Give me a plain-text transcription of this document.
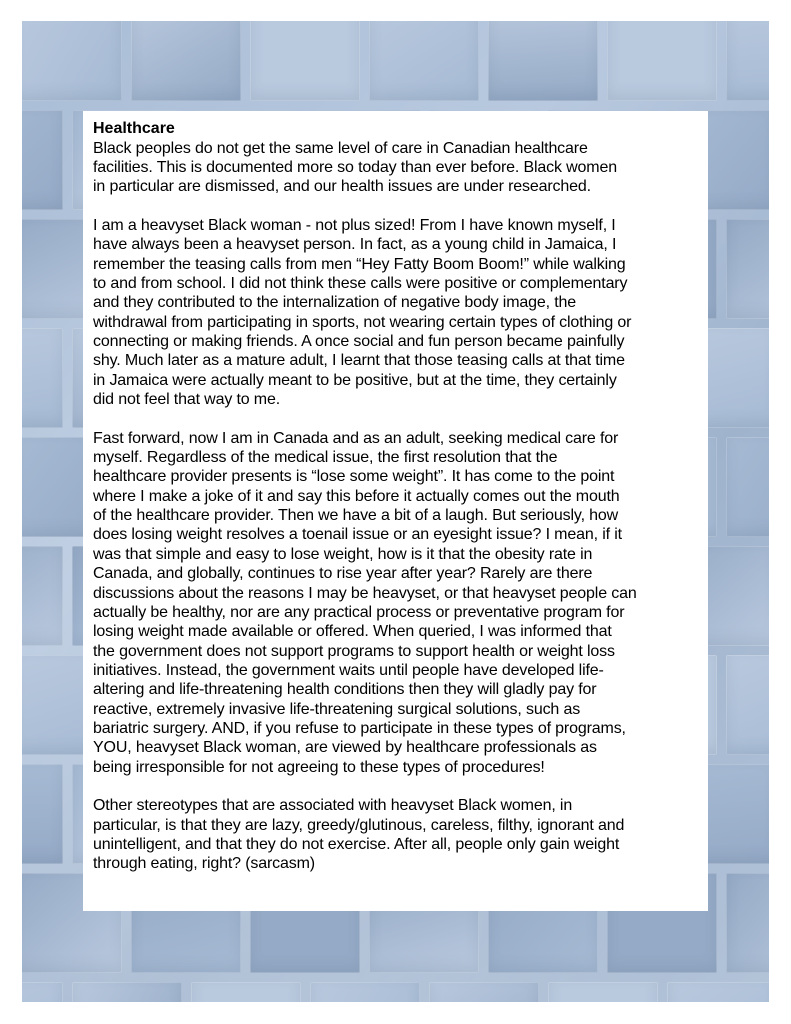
Healthcare

Black peoples do not get the same level of care in Canadian healthcare
facilities. This is documented more so today than ever before. Black women
in particular are dismissed, and our health issues are under researched.

I am a heavyset Black woman - not plus sized! From I have known myself, I
have always been a heavyset person. In fact, as a young child in Jamaica, I
remember the teasing calls from men “Hey Fatty Boom Boom!” while walking
to and from school. I did not think these calls were positive or complementary
and they contributed to the internalization of negative body image, the
withdrawal from participating in sports, not wearing certain types of clothing or
connecting or making friends. A once social and fun person became painfully
shy. Much later as a mature adult, I learnt that those teasing calls at that time
in Jamaica were actually meant to be positive, but at the time, they certainly
did not feel that way to me.

Fast forward, now I am in Canada and as an adult, seeking medical care for
myself. Regardless of the medical issue, the first resolution that the
healthcare provider presents is “lose some weight”. It has come to the point
where I make a joke of it and say this before it actually comes out the mouth
of the healthcare provider. Then we have a bit of a laugh. But seriously, how
does losing weight resolves a toenail issue or an eyesight issue? I mean, if it
was that simple and easy to lose weight, how is it that the obesity rate in
Canada, and globally, continues to rise year after year? Rarely are there
discussions about the reasons I may be heavyset, or that heavyset people can
actually be healthy, nor are any practical process or preventative program for
losing weight made available or offered. When queried, I was informed that
the government does not support programs to support health or weight loss
initiatives. Instead, the government waits until people have developed life-
altering and life-threatening health conditions then they will gladly pay for
reactive, extremely invasive life-threatening surgical solutions, such as
bariatric surgery. AND, if you refuse to participate in these types of programs,
YOU, heavyset Black woman, are viewed by healthcare professionals as
being irresponsible for not agreeing to these types of procedures!

Other stereotypes that are associated with heavyset Black women, in
particular, is that they are lazy, greedy/glutinous, careless, filthy, ignorant and
unintelligent, and that they do not exercise. After all, people only gain weight
through eating, right? (sarcasm)
